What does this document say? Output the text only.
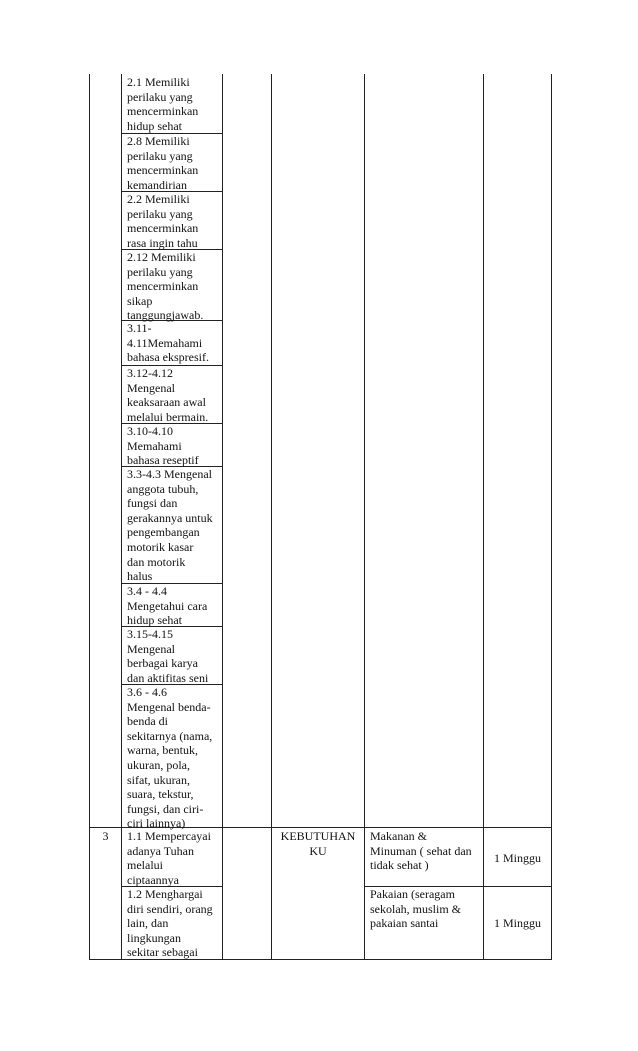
2.1 Memiliki
perilaku yang
mencerminkan
hidup sehat
2.8 Memiliki
perilaku yang
mencerminkan
kemandirian
2.2 Memiliki
perilaku yang
mencerminkan
rasa ingin tahu
2.12 Memiliki
perilaku yang
mencerminkan
sikap
tanggungjawab.
3.11-
4.11Memahami
bahasa ekspresif.
3.12-4.12
Mengenal
keaksaraan awal
melalui bermain.
3.10-4.10
Memahami
bahasa reseptif
3.3-4.3 Mengenal
anggota tubuh,
fungsi dan
gerakannya untuk
pengembangan
motorik kasar
dan motorik
halus
3.4 - 4.4
Mengetahui cara
hidup sehat
3.15-4.15
Mengenal
berbagai karya
dan aktifitas seni
3.6 - 4.6
Mengenal benda-
benda di
sekitarnya (nama,
warna, bentuk,
ukuran, pola,
sifat, ukuran,
suara, tekstur,
fungsi, dan ciri-
ciri lainnya)
3	1.1 Mempercayai
adanya Tuhan
melalui
ciptaannya
KEBUTUHAN
KU
Makanan &
Minuman ( sehat dan
tidak sehat )
1 Minggu
1.2 Menghargai
diri sendiri, orang
lain, dan
lingkungan
sekitar sebagai
Pakaian (seragam
sekolah, muslim &
pakaian santai	1 Minggu
